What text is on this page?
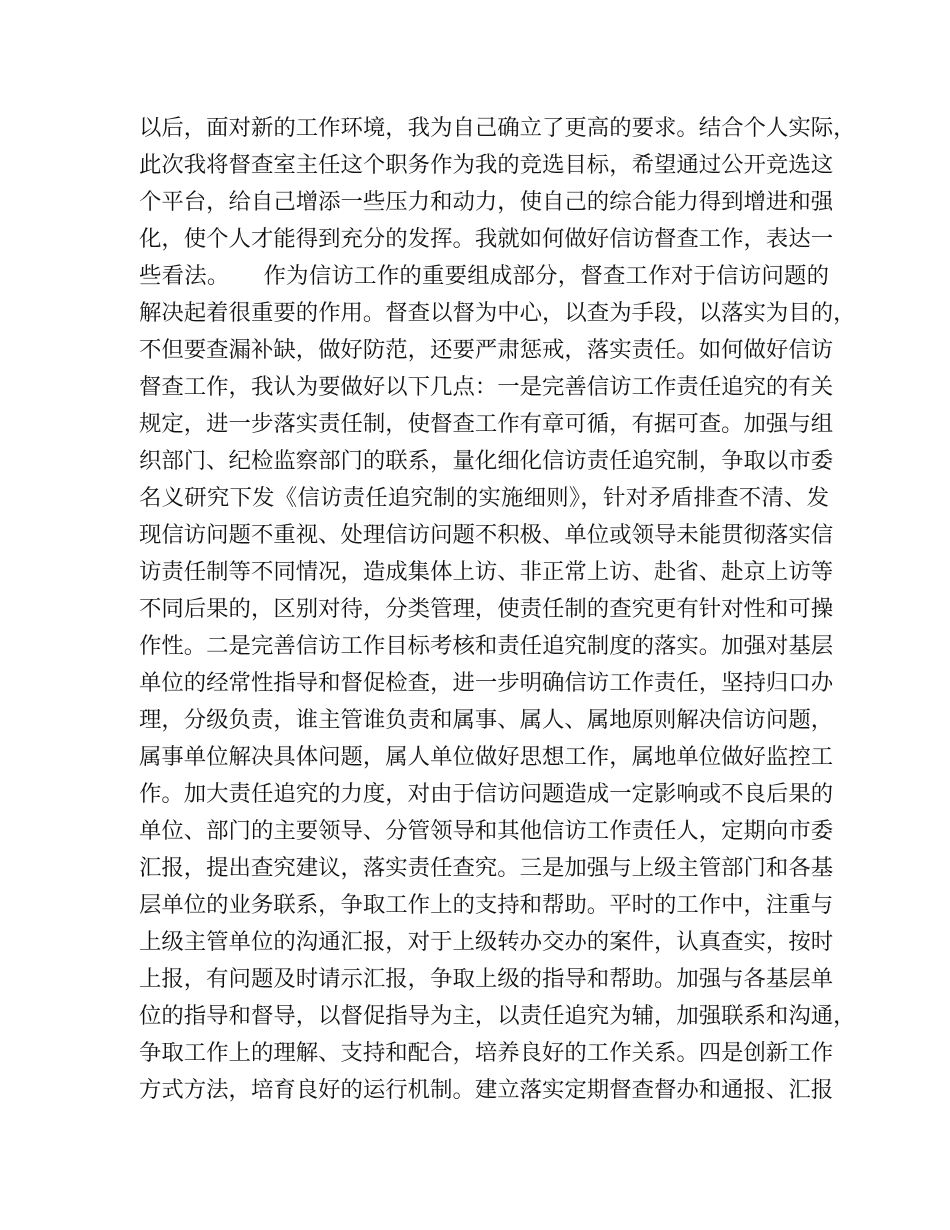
以后，面对新的工作环境，我为自己确立了更高的要求。结合个人实际，
此次我将督查室主任这个职务作为我的竞选目标，希望通过公开竞选这
个平台，给自己增添一些压力和动力，使自己的综合能力得到增进和强
化，使个人才能得到充分的发挥。我就如何做好信访督查工作，表达一
些看法。　　作为信访工作的重要组成部分，督查工作对于信访问题的
解决起着很重要的作用。督查以督为中心，以查为手段，以落实为目的，
不但要查漏补缺，做好防范，还要严肃惩戒，落实责任。如何做好信访
督查工作，我认为要做好以下几点：一是完善信访工作责任追究的有关
规定，进一步落实责任制，使督查工作有章可循，有据可查。加强与组
织部门、纪检监察部门的联系，量化细化信访责任追究制，争取以市委
名义研究下发《信访责任追究制的实施细则》，针对矛盾排查不清、发
现信访问题不重视、处理信访问题不积极、单位或领导未能贯彻落实信
访责任制等不同情况，造成集体上访、非正常上访、赴省、赴京上访等
不同后果的，区别对待，分类管理，使责任制的查究更有针对性和可操
作性。二是完善信访工作目标考核和责任追究制度的落实。加强对基层
单位的经常性指导和督促检查，进一步明确信访工作责任，坚持归口办
理，分级负责，谁主管谁负责和属事、属人、属地原则解决信访问题，
属事单位解决具体问题，属人单位做好思想工作，属地单位做好监控工
作。加大责任追究的力度，对由于信访问题造成一定影响或不良后果的
单位、部门的主要领导、分管领导和其他信访工作责任人，定期向市委
汇报，提出查究建议，落实责任查究。三是加强与上级主管部门和各基
层单位的业务联系，争取工作上的支持和帮助。平时的工作中，注重与
上级主管单位的沟通汇报，对于上级转办交办的案件，认真查实，按时
上报，有问题及时请示汇报，争取上级的指导和帮助。加强与各基层单
位的指导和督导，以督促指导为主，以责任追究为辅，加强联系和沟通，
争取工作上的理解、支持和配合，培养良好的工作关系。四是创新工作
方式方法，培育良好的运行机制。建立落实定期督查督办和通报、汇报
